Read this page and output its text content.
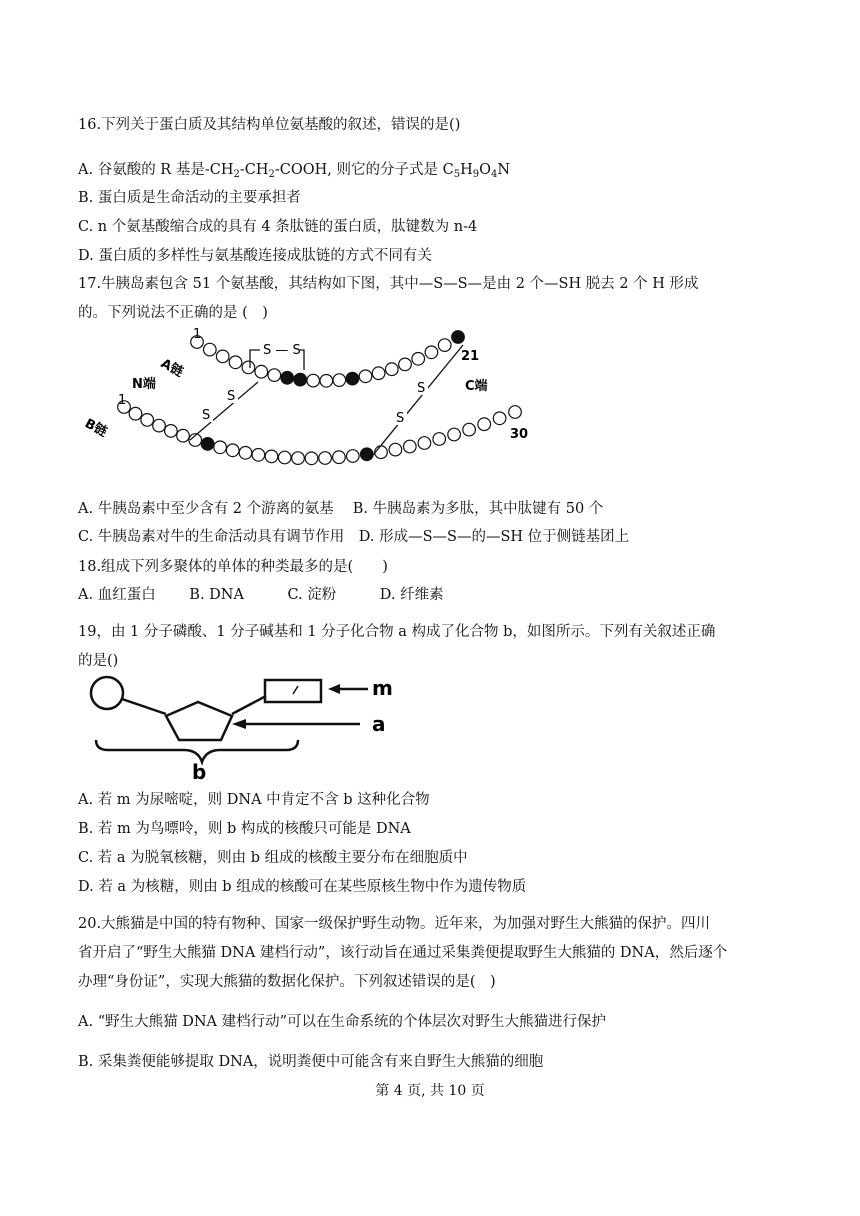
16.下列关于蛋白质及其结构单位氨基酸的叙述，错误的是()
A. 谷氨酸的 R 基是$-CH_2-CH_2$-COOH, 则它的分子式是 $C_5H_9O_4N$
B. 蛋白质是生命活动的主要承担者
C. n 个氨基酸缩合成的具有 4 条肽链的蛋白质，肽键数为 n-4
D. 蛋白质的多样性与氨基酸连接成肽链的方式不同有关
17.牛胰岛素包含 51 个氨基酸，其结构如下图，其中—S—S—是由 2 个—SH 脱去 2 个 H 形成
的。下列说法不正确的是 (　)
S — S
S
S
S
S
1
A链
N端
1
B链
21
C端
30
A. 牛胰岛素中至少含有 2 个游离的氨基　 B. 牛胰岛素为多肽，其中肽键有 50 个
C. 牛胰岛素对牛的生命活动具有调节作用　D. 形成—S—S—的—SH 位于侧链基团上
18.组成下列多聚体的单体的种类最多的是(　　)
A. 血红蛋白　　 B. DNA　　　C. 淀粉　　　D. 纤维素
19，由 1 分子磷酸、1 分子碱基和 1 分子化合物 a 构成了化合物 b，如图所示。下列有关叙述正确
的是()
m
a
b
A. 若 m 为尿嘧啶，则 DNA 中肯定不含 b 这种化合物
B. 若 m 为鸟嘌呤，则 b 构成的核酸只可能是 DNA
C. 若 a 为脱氧核糖，则由 b 组成的核酸主要分布在细胞质中
D. 若 a 为核糖，则由 b 组成的核酸可在某些原核生物中作为遗传物质
20.大熊猫是中国的特有物种、国家一级保护野生动物。近年来，为加强对野生大熊猫的保护。四川
省开启了“野生大熊猫 DNA 建档行动”，该行动旨在通过采集粪便提取野生大熊猫的 DNA，然后逐个
办理“身份证”，实现大熊猫的数据化保护。下列叙述错误的是(　)
A. “野生大熊猫 DNA 建档行动”可以在生命系统的个体层次对野生大熊猫进行保护
B. 采集粪便能够提取 DNA，说明粪便中可能含有来自野生大熊猫的细胞
第 4 页, 共 10 页
